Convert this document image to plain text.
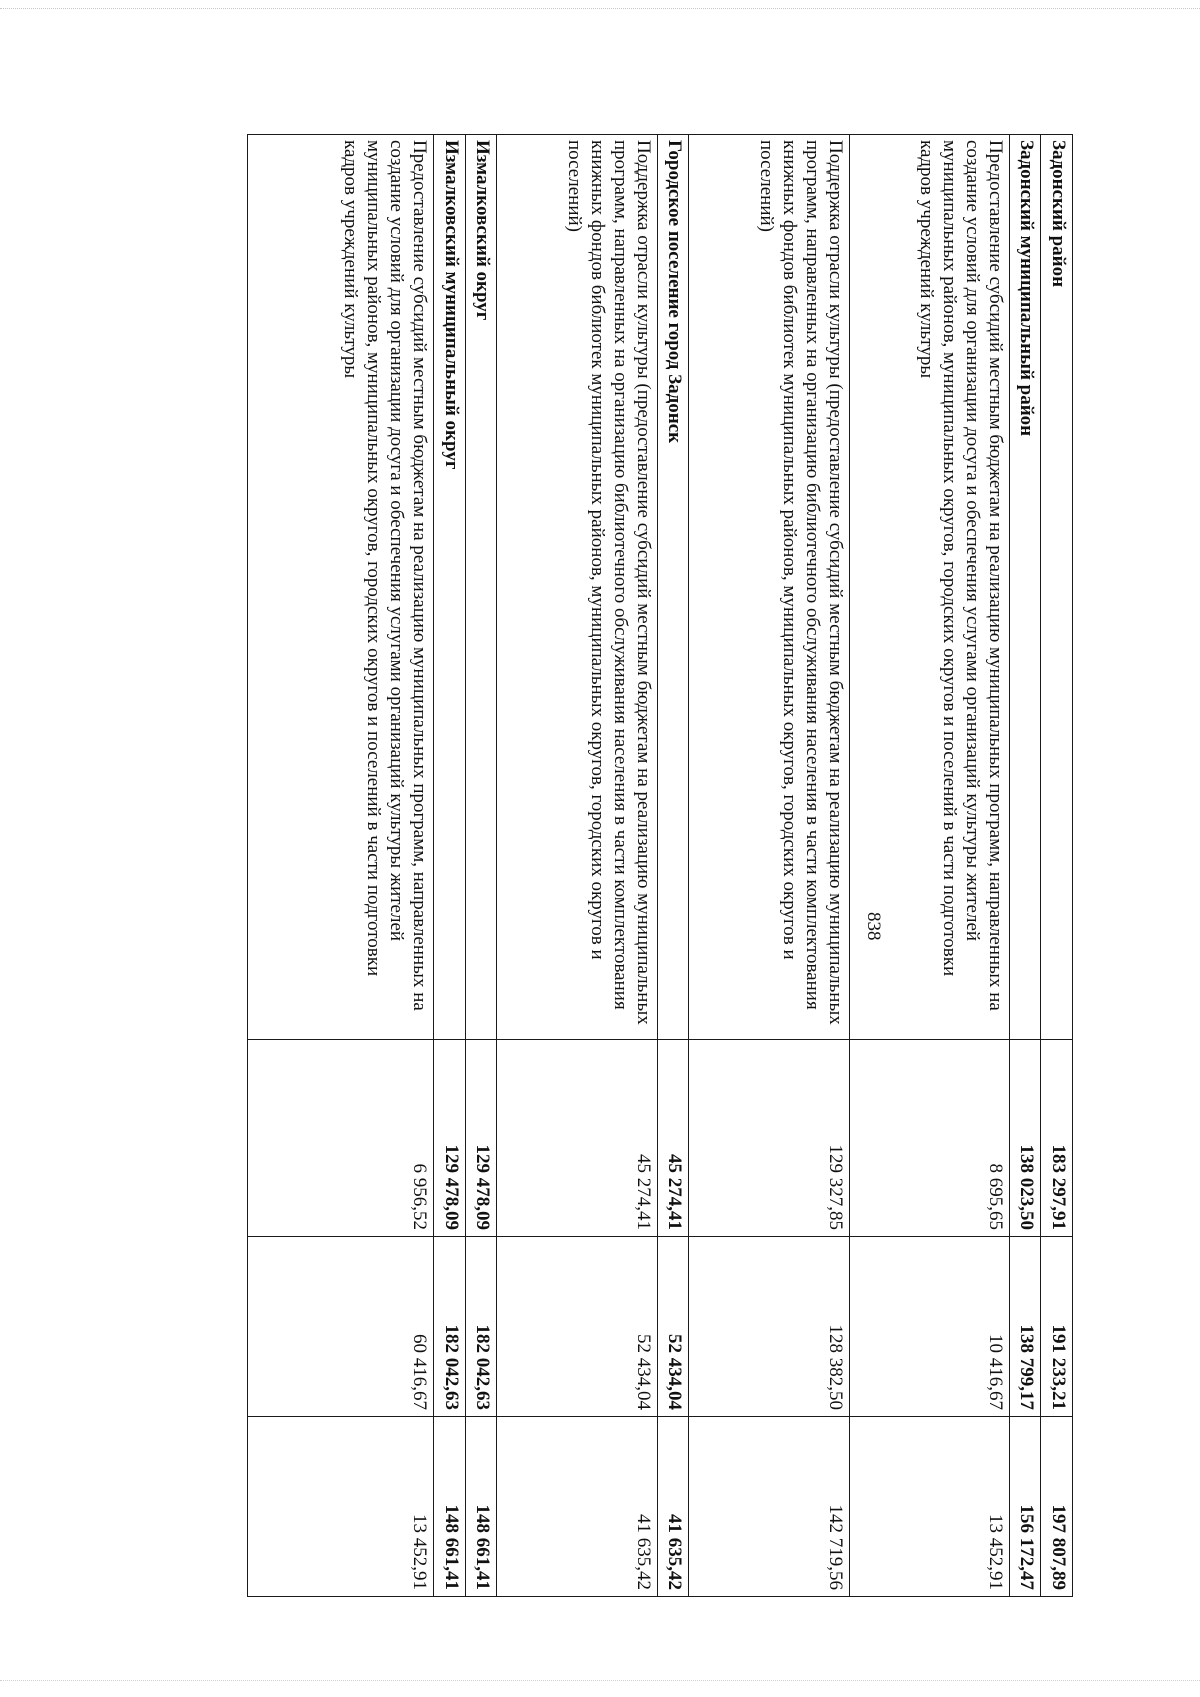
838
Задонский район	183 297,91	191 233,21	197 807,89
Задонский муниципальный район	138 023,50	138 799,17	156 172,47
Предоставление субсидий местным бюджетам на реализацию муниципальных программ, направленных на создание условий для организации досуга и обеспечения услугами организаций культуры жителей муниципальных районов, муниципальных округов, городских округов и поселений в части подготовки кадров учреждений культуры	8 695,65	10 416,67	13 452,91
Поддержка отрасли культуры (предоставление субсидий местным бюджетам на реализацию муниципальных программ, направленных на организацию библиотечного обслуживания населения в части комплектования книжных фондов библиотек муниципальных районов, муниципальных округов, городских округов и поселений)	129 327,85	128 382,50	142 719,56
Городское поселение город Задонск	45 274,41	52 434,04	41 635,42
Поддержка отрасли культуры (предоставление субсидий местным бюджетам на реализацию муниципальных программ, направленных на организацию библиотечного обслуживания населения в части комплектования книжных фондов библиотек муниципальных районов, муниципальных округов, городских округов и поселений)	45 274,41	52 434,04	41 635,42
Измалковский округ	129 478,09	182 042,63	148 661,41
Измалковский муниципальный округ	129 478,09	182 042,63	148 661,41
Предоставление субсидий местным бюджетам на реализацию муниципальных программ, направленных на создание условий для организации досуга и обеспечения услугами организаций культуры жителей муниципальных районов, муниципальных округов, городских округов и поселений в части подготовки кадров учреждений культуры	6 956,52	60 416,67	13 452,91
